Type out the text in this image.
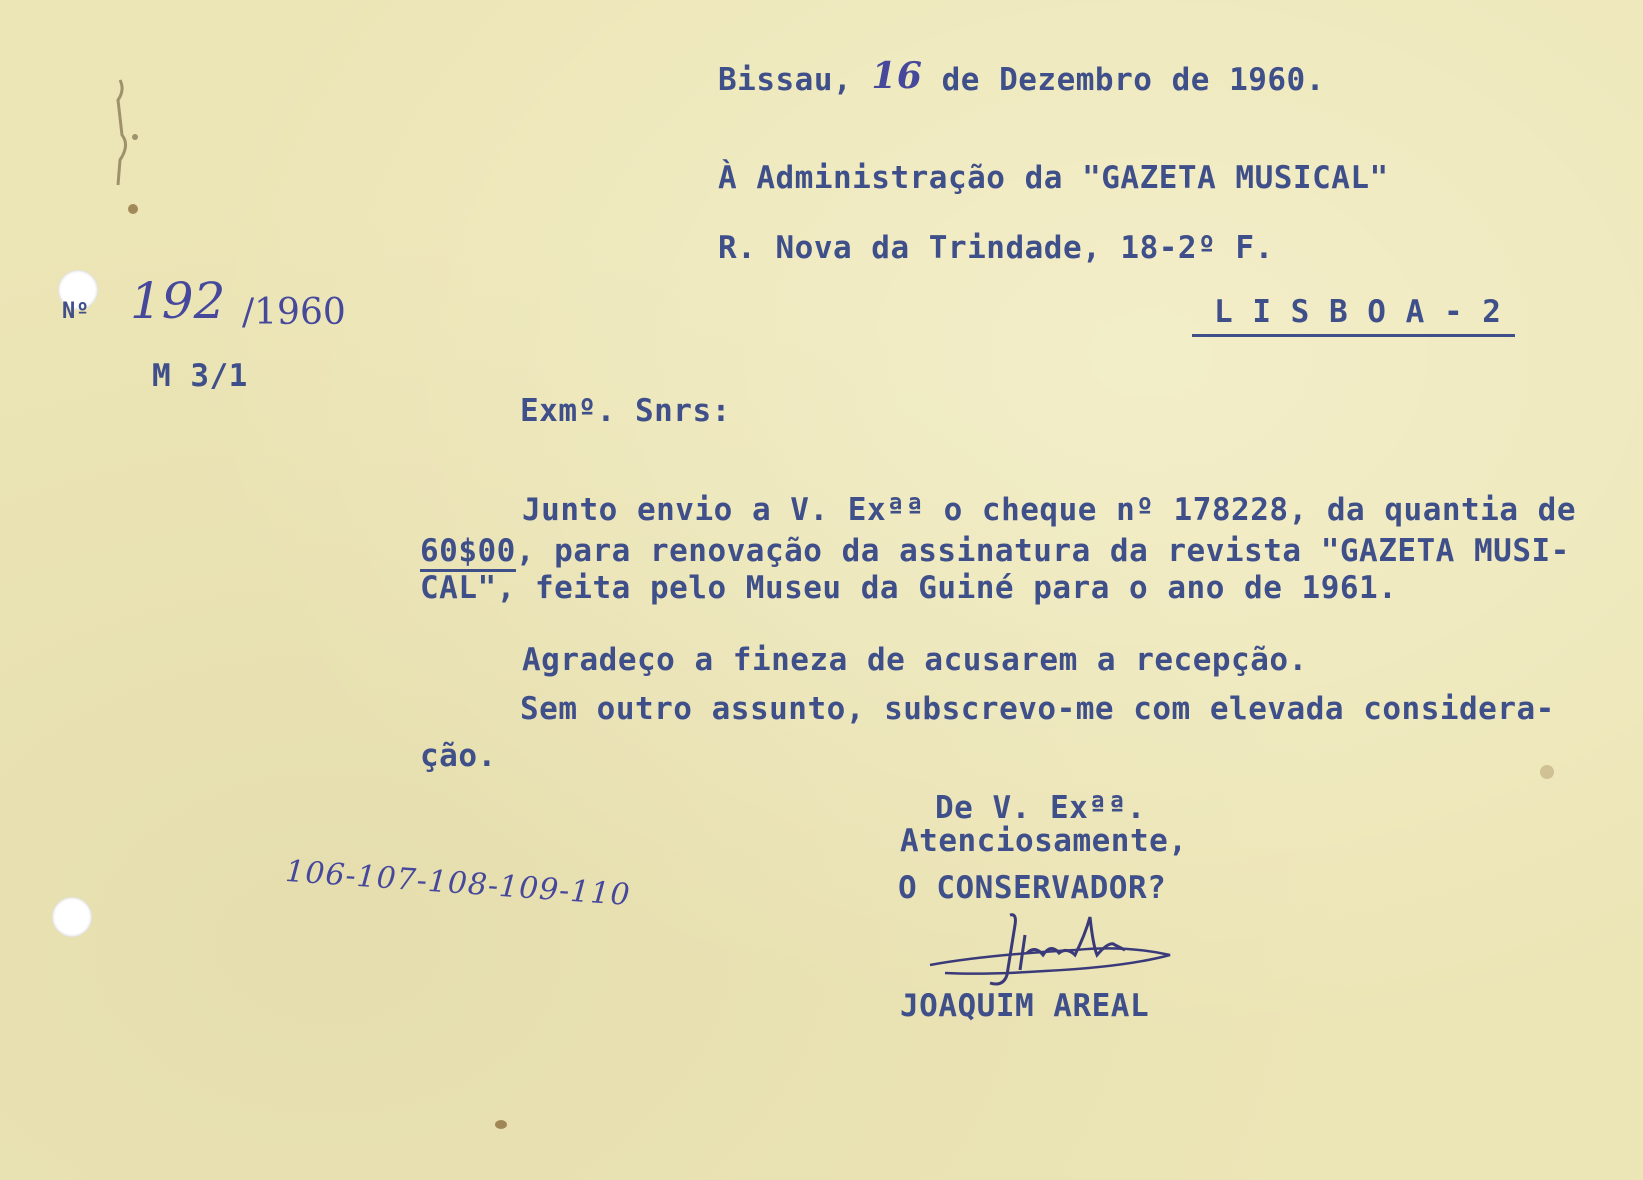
Bissau, 16 de Dezembro de 1960.
À Administração da "GAZETA MUSICAL"
R. Nova da Trindade, 18-2º F.
L I S B O A - 2
Nº 192 /1960
M 3/1
Exmº. Snrs:
Junto envio a V. Exªª o cheque nº 178228, da quantia de
60$00, para renovação da assinatura da revista "GAZETA MUSI-
CAL", feita pelo Museu da Guiné para o ano de 1961.
Agradeço a fineza de acusarem a recepção.
Sem outro assunto, subscrevo-me com elevada considera-
ção.
De V. Exªª.
Atenciosamente,
O CONSERVADOR?
JOAQUIM AREAL
106-107-108-109-110
